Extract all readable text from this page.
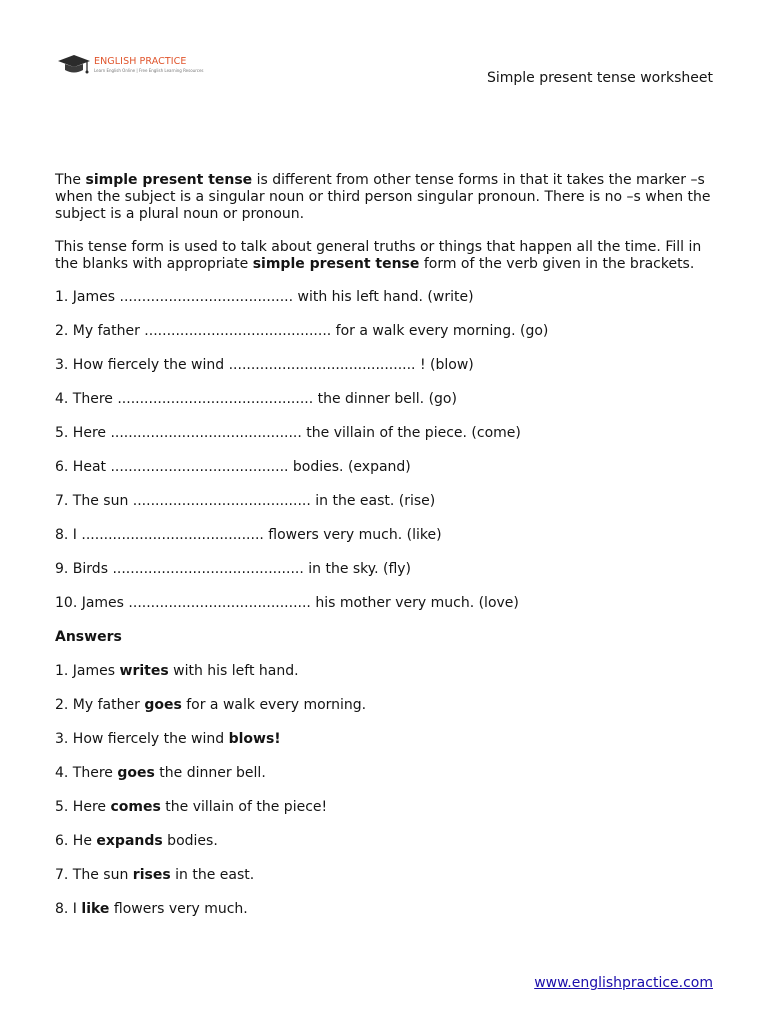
ENGLISH PRACTICE
Learn English Online | Free English Learning Resources	Simple present tense worksheet

The simple present tense is different from other tense forms in that it takes the marker –s when the subject is a singular noun or third person singular pronoun. There is no –s when the subject is a plural noun or pronoun.

This tense form is used to talk about general truths or things that happen all the time. Fill in the blanks with appropriate simple present tense form of the verb given in the brackets.

1. James ....................................... with his left hand. (write)
2. My father .......................................... for a walk every morning. (go)
3. How fiercely the wind .......................................... ! (blow)
4. There ............................................ the dinner bell. (go)
5. Here ........................................... the villain of the piece. (come)
6. Heat ........................................ bodies. (expand)
7. The sun ........................................ in the east. (rise)
8. I ......................................... flowers very much. (like)
9. Birds ........................................... in the sky. (fly)
10. James ......................................... his mother very much. (love)
Answers
1. James writes with his left hand.
2. My father goes for a walk every morning.
3. How fiercely the wind blows!
4. There goes the dinner bell.
5. Here comes the villain of the piece!
6. He expands bodies.
7. The sun rises in the east.
8. I like flowers very much.
www.englishpractice.com
